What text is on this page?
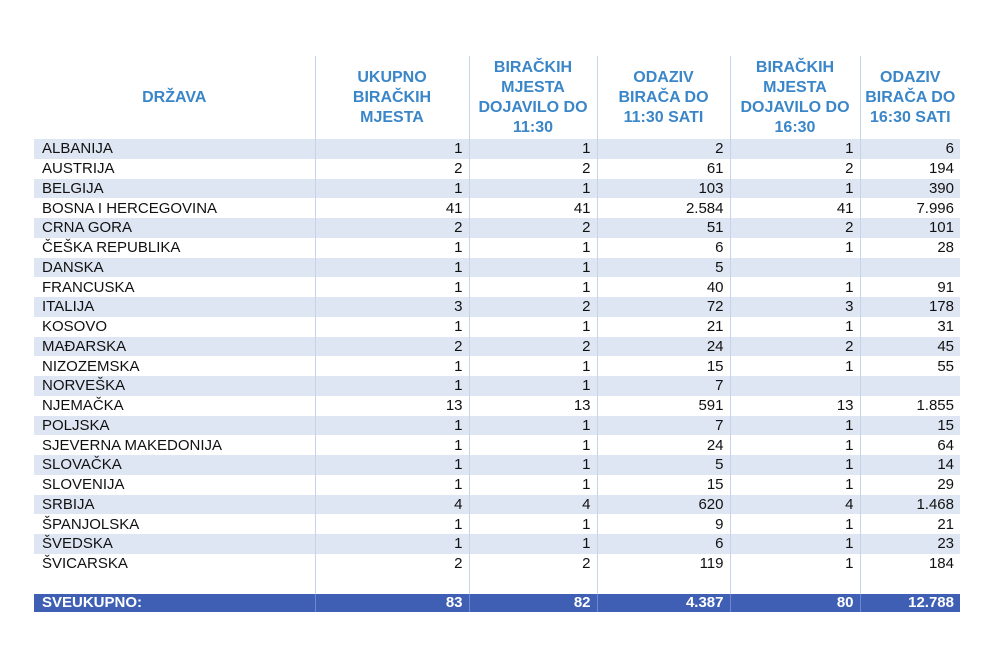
DRŽAVA	UKUPNO BIRAČKIH MJESTA	BIRAČKIH MJESTA DOJAVILO DO 11:30	ODAZIV BIRAČA DO 11:30 SATI	BIRAČKIH MJESTA DOJAVILO DO 16:30	ODAZIV BIRAČA DO 16:30 SATI
ALBANIJA	1	1	2	1	6
AUSTRIJA	2	2	61	2	194
BELGIJA	1	1	103	1	390
BOSNA I HERCEGOVINA	41	41	2.584	41	7.996
CRNA GORA	2	2	51	2	101
ČEŠKA REPUBLIKA	1	1	6	1	28
DANSKA	1	1	5		
FRANCUSKA	1	1	40	1	91
ITALIJA	3	2	72	3	178
KOSOVO	1	1	21	1	31
MAĐARSKA	2	2	24	2	45
NIZOZEMSKA	1	1	15	1	55
NORVEŠKA	1	1	7		
NJEMAČKA	13	13	591	13	1.855
POLJSKA	1	1	7	1	15
SJEVERNA MAKEDONIJA	1	1	24	1	64
SLOVAČKA	1	1	5	1	14
SLOVENIJA	1	1	15	1	29
SRBIJA	4	4	620	4	1.468
ŠPANJOLSKA	1	1	9	1	21
ŠVEDSKA	1	1	6	1	23
ŠVICARSKA	2	2	119	1	184

SVEUKUPNO:	83	82	4.387	80	12.788
